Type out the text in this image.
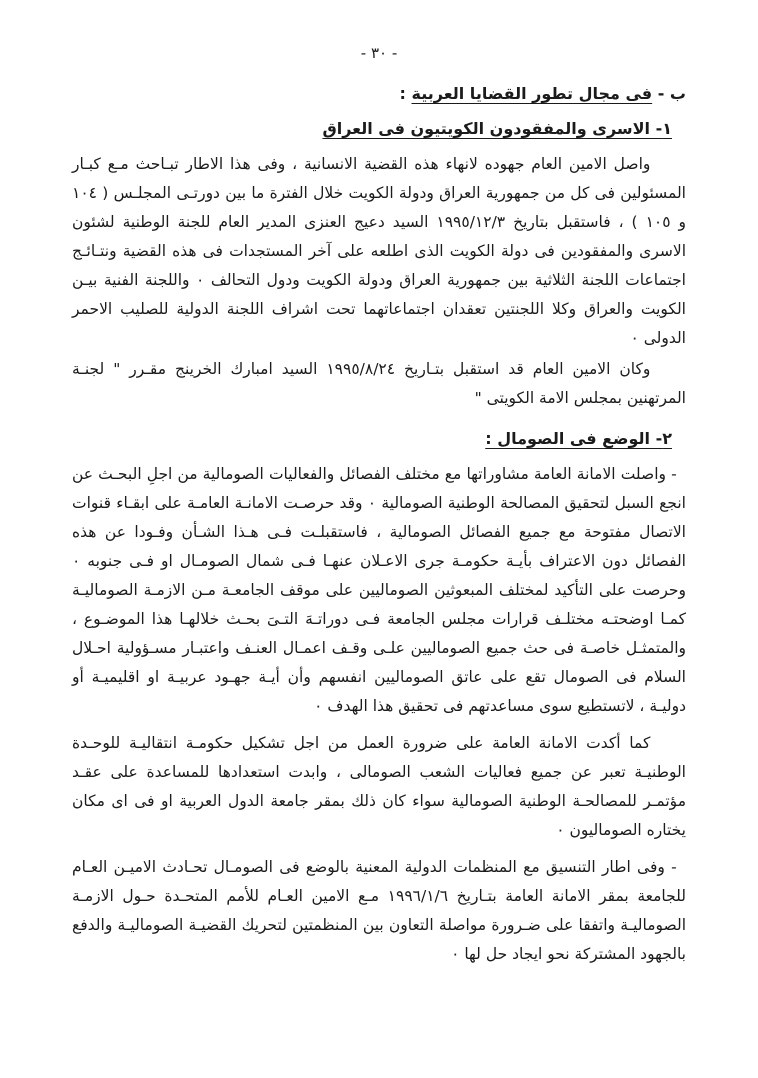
- ٣٠ -
ب - فى مجال تطور القضايا العربية :
١- الاسرى والمفقودون الكويتيون فى العراق

واصل الامين العام جهوده لانهاء هذه القضية الانسانية ، وفى هذا الاطار تبـاحث مـع كبـار المسئولين فى كل من جمهورية العراق ودولة الكويت خلال الفترة ما بين دورتـى المجلـس ( ١٠٤ و ١٠٥ ) ، فاستقبل بتاريخ ١٩٩٥/١٢/٣ السيد دعيج العنزى المدير العام للجنة الوطنية لشئون الاسرى والمفقودين فى دولة الكويت الذى اطلعه على آخر المستجدات فى هذه القضية ونتـائـج اجتماعات اللجنة الثلاثية بين جمهورية العراق ودولة الكويت ودول التحالف ۰ واللجنة الفنية بيـن الكويت والعراق وكلا اللجنتين تعقدان اجتماعاتهما تحت اشراف اللجنة الدولية للصليب الاحمر الدولى ۰

وكان الامين العام قد استقبل بتـاريخ ١٩٩٥/٨/٢٤ السيد امبارك الخرينج مقـرر " لجنـة المرتهنين بمجلس الامة الكويتى "

٢- الوضع فى الصومال :

- واصلت الامانة العامة مشاوراتها مع مختلف الفصائل والفعاليات الصومالية من اجلِ البحـث عن انجع السبل لتحقيق المصالحة الوطنية الصومالية ۰ وقد حرصـت الامانـة العامـة على ابقـاء قنوات الاتصال مفتوحة مع جميع الفصائل الصومالية ، فاستقبلـت فـى هـذا الشـأن وفـودا عن هذه الفصائل دون الاعتراف بأيـة حكومـة جرى الاعـلان عنهـا فـى شمال الصومـال او فـى جنوبه ۰ وحرصت على التأكيد لمختلف المبعوثين الصوماليين على موقف الجامعـة مـن الازمـة الصوماليـة كمـا اوضحتـه مختلـف قرارات مجلس الجامعة فـى دوراتـهَ التـىَ بحـث خلالهـا هذا الموضـوع ، والمتمثـل خاصـة فى حث جميع الصوماليين علـى وقـف اعمـال العنـف واعتبـار مسـؤولية احـلال السلام فى الصومال تقع على عاتق الصوماليين انفسهم وأن أيـة جهـود عربيـة او اقليميـة أو دوليـة ، لاتستطيع سوى مساعدتهم فى تحقيق هذا الهدف ۰

كما أكدت الامانة العامة على ضرورة العمل من اجل تشكيل حكومـة انتقاليـة للوحـدة الوطنيـة تعبر عن جميع فعاليات الشعب الصومالى ، وابدت استعدادها للمساعدة على عقـد مؤتمـر للمصالحـة الوطنية الصومالية سواء كان ذلك بمقر جامعة الدول العربية او فى اى مكان يختاره الصوماليون ۰

- وفى اطار التنسيق مع المنظمات الدولية المعنية بالوضع فى الصومـال تحـادث الاميـن العـام للجامعة بمقر الامانة العامة بتـاريخ ١٩٩٦/١/٦ مـع الامين العـام للأمم المتحـدة حـول الازمـة الصوماليـة واتفقا على ضـرورة مواصلة التعاون بين المنظمتين لتحريك القضيـة الصوماليـة والدفع بالجهود المشتركة نحو ايجاد حل لها ۰
